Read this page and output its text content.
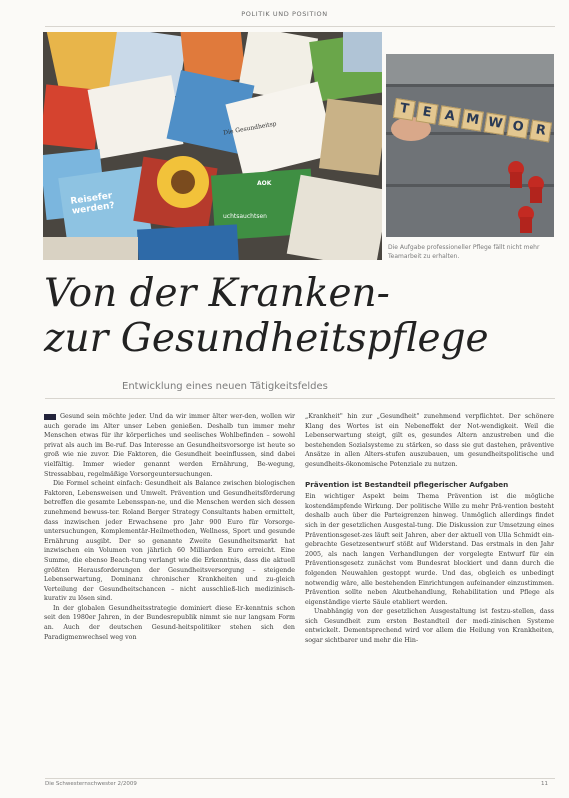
POLITIK UND POSITION
Die Gesundheitsp
Reisefer werden?	uchtsauchtsen
AOK
T E A M W O R
Die Aufgabe professioneller Pflege fällt nicht mehr Teamarbeit zu erhalten.
Von der Kranken-
zur Gesundheitspflege
Entwicklung eines neuen Tätigkeitsfeldes

Gesund sein möchte jeder. Und da wir immer älter wer-den, wollen wir auch gerade im Alter unser Leben genießen. Deshalb tun immer mehr Menschen etwas für ihr körperliches und seelisches Wohlbefinden – sowohl privat als auch im Be-ruf. Das Interesse an Gesundheitsvorsorge ist heute so groß wie nie zuvor. Die Faktoren, die Gesundheit beeinflussen, sind dabei vielfältig. Immer wieder genannt werden Ernährung, Be-wegung, Stressabbau, regelmäßige Vorsorgeuntersuchungen.

Die Formel scheint einfach: Gesundheit als Balance zwischen biologischen Faktoren, Lebensweisen und Umwelt. Prävention und Gesundheitsförderung betreffen die gesamte Lebensspan-ne, und die Menschen werden sich dessen zunehmend bewuss-ter. Roland Berger Strategy Consultants haben ermittelt, dass inzwischen jeder Erwachsene pro Jahr 900 Euro für Vorsorge-untersuchungen, Komplementär-Heilmethoden, Wellness, Sport und gesunde Ernährung ausgibt. Der so genannte Zweite Gesundheitsmarkt hat inzwischen ein Volumen von jährlich 60 Milliarden Euro erreicht. Eine Summe, die ebenso Beach-tung verlangt wie die Erkenntnis, dass die aktuell größten Herausforderungen der Gesundheitsversorgung – steigende Lebenserwartung, Dominanz chronischer Krankheiten und zu-gleich Verteilung der Gesundheitschancen – nicht ausschließ-lich medizinisch-kurativ zu lösen sind.

In der globalen Gesundheitsstrategie dominiert diese Er-kenntnis schon seit den 1980er Jahren, in der Bundesrepublik nimmt sie nur langsam Form an. Auch der deutschen Gesund-heitspolitiker stehen sich den Paradigmenwechsel weg von

„Krankheit" hin zur „Gesundheit" zunehmend verpflichtet. Der schönere Klang des Wortes ist ein Nebeneffekt der Not-wendigkeit. Weil die Lebenserwartung steigt, gilt es, gesundes Altern anzustreben und die bestehenden Sozialsysteme zu stärken, so dass sie gut dastehen, präventive Ansätze in allen Alters-stufen auszubauen, um gesundheitspolitische und gesundheits-ökonomische Potenziale zu nutzen.

Prävention ist Bestandteil pflegerischer Aufgaben

Ein wichtiger Aspekt beim Thema Prävention ist die mögliche kostendämpfende Wirkung. Der politische Wille zu mehr Prä-vention besteht deshalb auch über die Parteigrenzen hinweg. Unmöglich allerdings findet sich in der gesetzlichen Ausgestal-tung. Die Diskussion zur Umsetzung eines Präventionsgeset-zes läuft seit Jahren, aber der aktuell von Ulla Schmidt ein-gebrachte Gesetzesentwurf stößt auf Widerstand. Das erstmals in den Jahr 2005, als nach langen Verhandlungen der vorgelegte Entwurf für ein Präventionsgesetz zunächst vom Bundesrat blockiert und dann durch die folgenden Neuwahlen gestoppt wurde. Und das, obgleich es unbedingt notwendig wäre, alle bestehenden Einrichtungen aufeinander einzustimmen. Prävention sollte neben Akutbehandlung, Rehabilitation und Pflege als eigenständige vierte Säule etabliert werden.

Unabhängig von der gesetzlichen Ausgestaltung ist festzu-stellen, dass sich Gesundheit zum ersten Bestandteil der medi-zinischen Systeme entwickelt. Dementsprechend wird vor allem die Heilung von Krankheiten, sogar sichtbarer und mehr die Hin-

Die Schwesternschwester 2/2009	11
